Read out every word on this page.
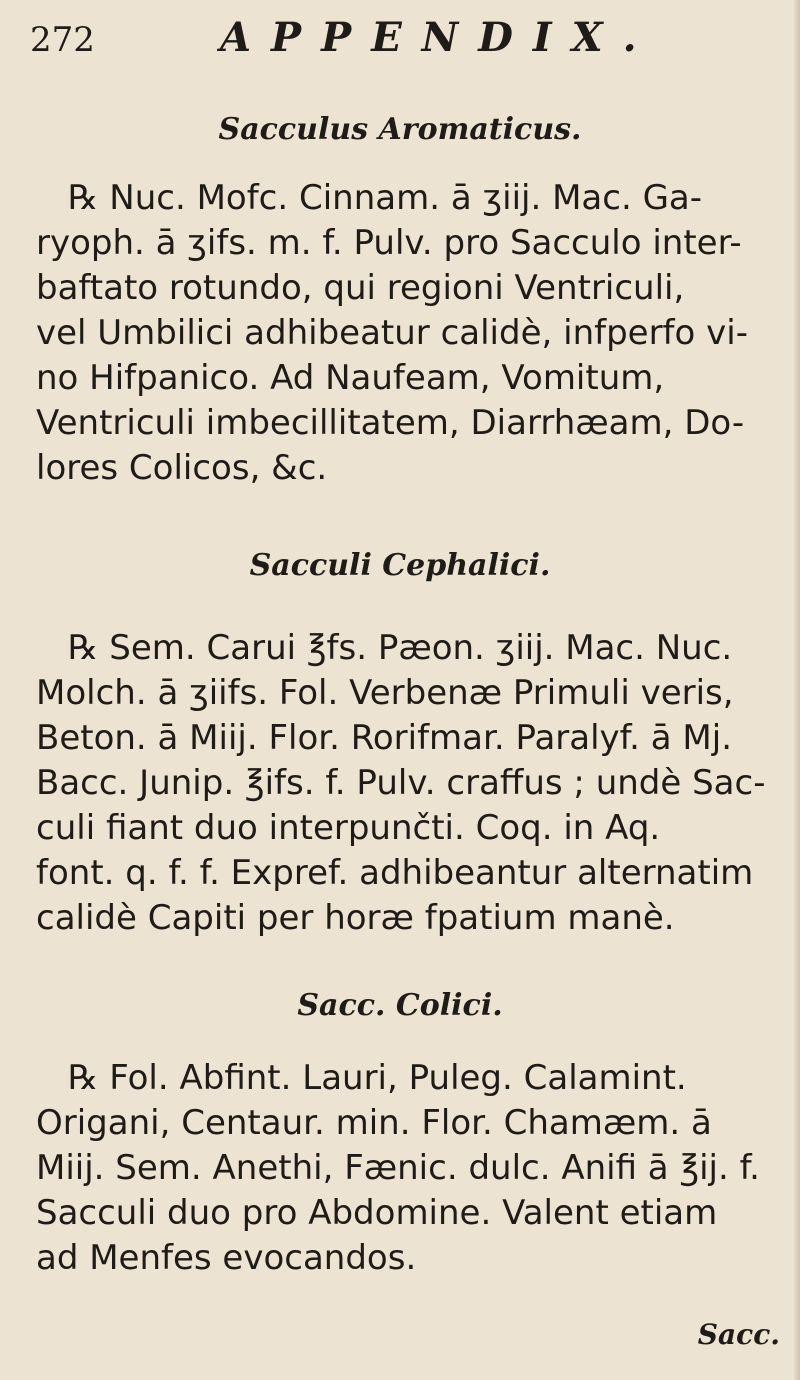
272	APPENDIX.
Sacculus Aromaticus.
℞ Nuc. Mofc. Cinnam. ā ʒiij. Mac. Ga-
ryoph. ā ʒifs. m. f. Pulv. pro Sacculo inter-
baftato rotundo, qui regioni Ventriculi,
vel Umbilici adhibeatur calidè, infperfo vi-
no Hifpanico. Ad Naufeam, Vomitum,
Ventriculi imbecillitatem, Diarrhæam, Do-
lores Colicos, &c.
Sacculi Cephalici.
℞ Sem. Carui ℥fs. Pæon. ʒiij. Mac. Nuc.
Molch. ā ʒiifs. Fol. Verbenæ Primuli veris,
Beton. ā Miij. Flor. Rorifmar. Paralyf. ā Mj.
Bacc. Junip. ℥ifs. f. Pulv. craffus ; undè Sac-
culi fiant duo interpunčti. Coq. in Aq.
font. q. f. f. Expref. adhibeantur alternatim
calidè Capiti per horæ fpatium manè.
Sacc. Colici.
℞ Fol. Abfint. Lauri, Puleg. Calamint.
Origani, Centaur. min. Flor. Chamæm. ā
Miij. Sem. Anethi, Fænic. dulc. Anifi ā ℥ij. f.
Sacculi duo pro Abdomine. Valent etiam
ad Menfes evocandos.
Sacc.
